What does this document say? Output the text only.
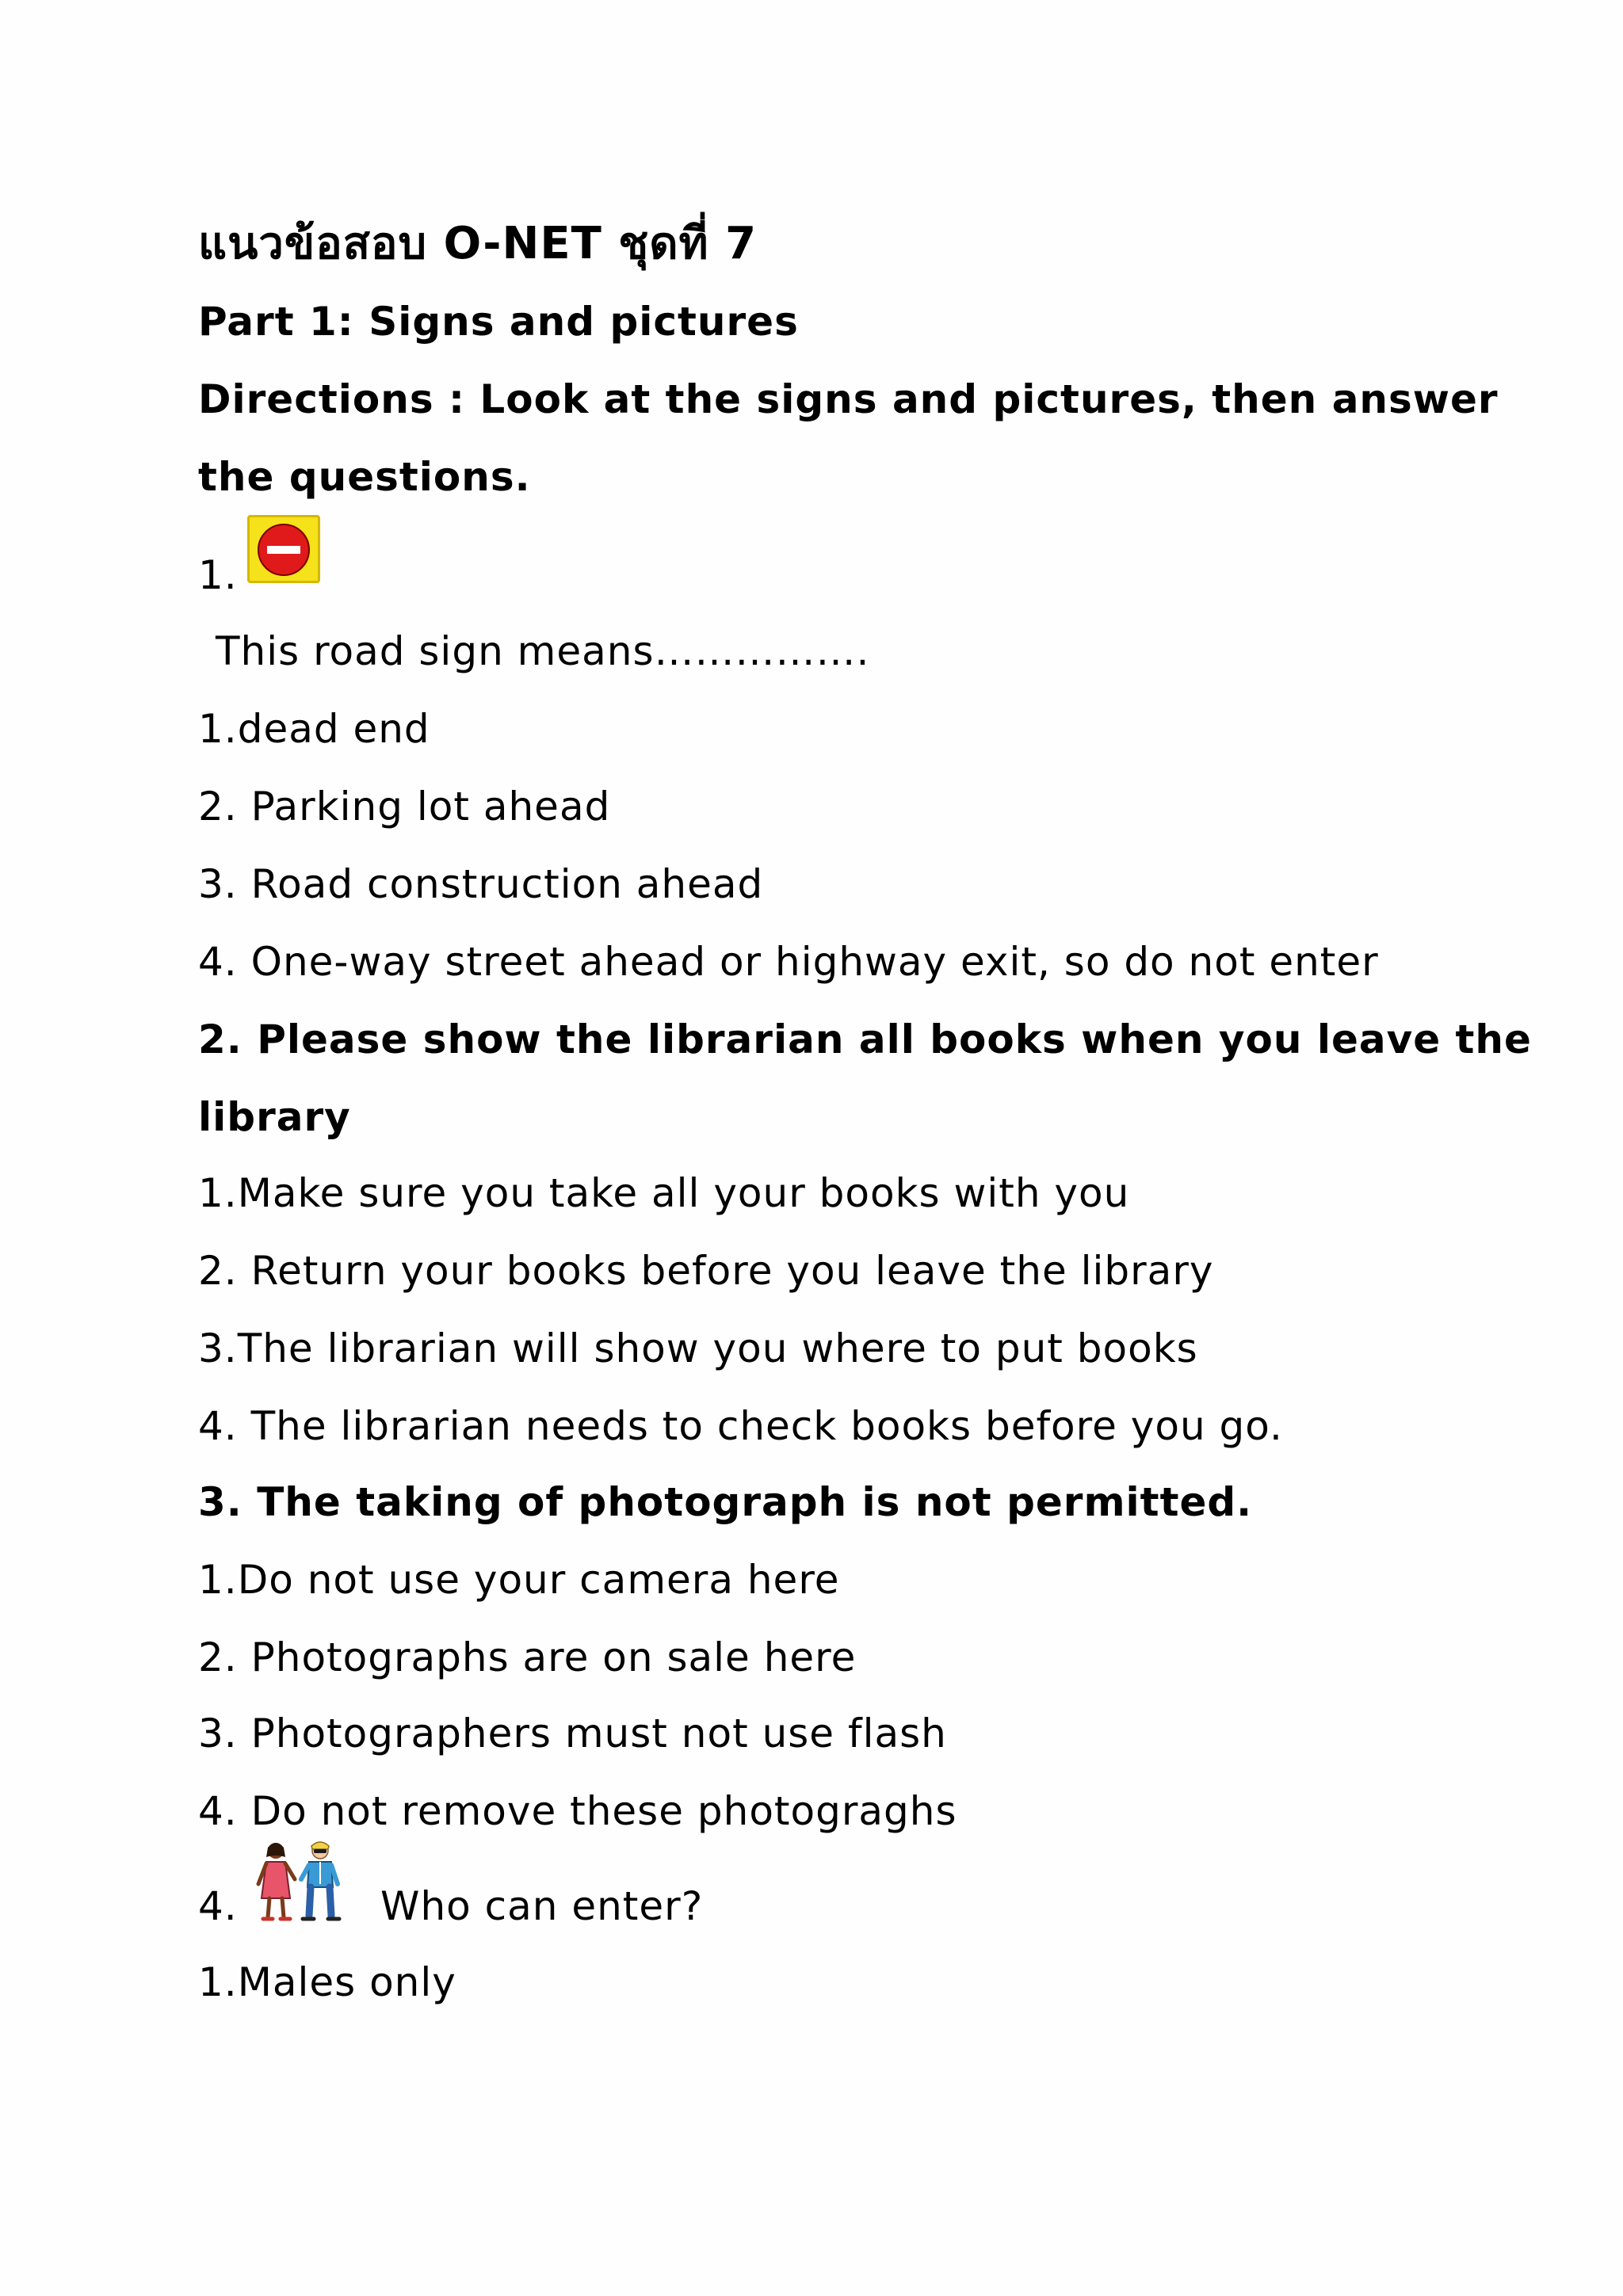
แนวข้อสอบ O-NET ชุดที่ 7
Part 1: Signs and pictures
Directions : Look at the signs and pictures, then answer
the questions.
1.
This road sign means…………….
1.dead end
2. Parking lot ahead
3. Road construction ahead
4. One-way street ahead or highway exit, so do not enter
2. Please show the librarian all books when you leave the
library
1.Make sure you take all your books with you
2. Return your books before you leave the library
3.The librarian will show you where to put books
4. The librarian needs to check books before you go.
3. The taking of photograph is not permitted.
1.Do not use your camera here
2. Photographs are on sale here
3. Photographers must not use flash
4. Do not remove these photograghs
4.	Who can enter?
1.Males only
